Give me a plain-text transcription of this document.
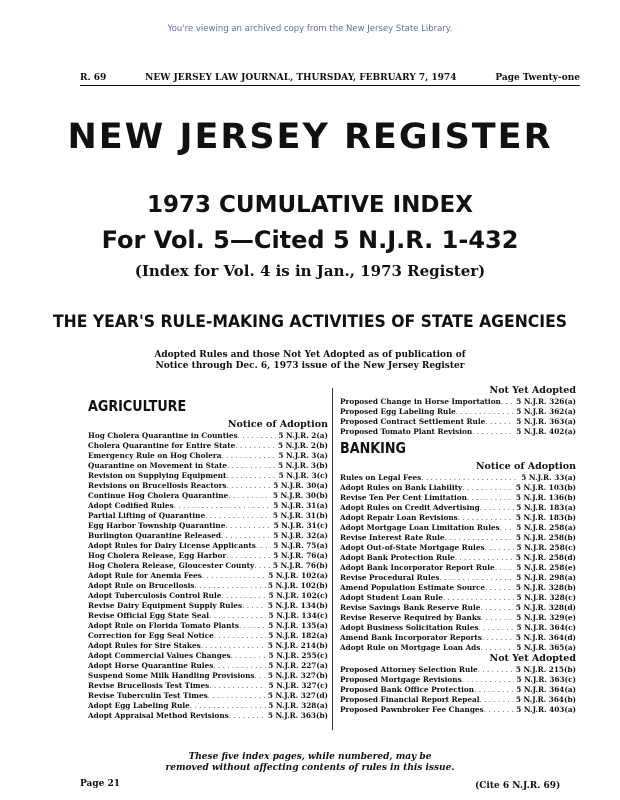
You're viewing an archived copy from the New Jersey State Library.
R. 69	NEW JERSEY LAW JOURNAL, THURSDAY, FEBRUARY 7, 1974	Page Twenty-one
NEW JERSEY REGISTER
1973 CUMULATIVE INDEX
For Vol. 5—Cited 5 N.J.R. 1-432
(Index for Vol. 4 is in Jan., 1973 Register)
THE YEAR'S RULE-MAKING ACTIVITIES OF STATE AGENCIES
Adopted Rules and those Not Yet Adopted as of publication of
Notice through Dec. 6, 1973 issue of the New Jersey Register
AGRICULTURE
Notice of Adoption
Hog Cholera Quarantine in Counties . . .	5 N.J.R. 2(a)
Cholera Quarantine for Entire State . . .	5 N.J.R. 2(b)
Emergency Rule on Hog Cholera . . .	5 N.J.R. 3(a)
Quarantine on Movement in State . . .	5 N.J.R. 3(b)
Revision on Supplying Equipment . . .	5 N.J.R. 3(c)
Revisions on Brucellosis Reactors . . .	5 N.J.R. 30(a)
Continue Hog Cholera Quarantine . . .	5 N.J.R. 30(b)
Adopt Codified Rules . . .	5 N.J.R. 31(a)
Partial Lifting of Quarantine . . .	5 N.J.R. 31(b)
Egg Harbor Township Quarantine . . .	5 N.J.R. 31(c)
Burlington Quarantine Released . . .	5 N.J.R. 32(a)
Adopt Rules for Dairy License Applicants . . . 5 N.J.R. 75(a)
Hog Cholera Release, Egg Harbor . . .	5 N.J.R. 76(a)
Hog Cholera Release, Gloucester County . . .	5 N.J.R. 76(b)
Adopt Rule for Anemia Fees . . .	5 N.J.R. 102(a)
Adopt Rule on Brucellosis . . .	5 N.J.R. 102(b)
Adopt Tuberculosis Control Rule . . .	5 N.J.R. 102(c)
Revise Dairy Equipment Supply Rules . . .	5 N.J.R. 134(b)
Revise Official Egg State Seal . . .	5 N.J.R. 134(c)
Adopt Rule on Florida Tomato Plants . . .	5 N.J.R. 135(a)
Correction for Egg Seal Notice . . .	5 N.J.R. 182(a)
Adopt Rules for Sire Stakes . . .	5 N.J.R. 214(b)
Adopt Commercial Values Changes . . .	5 N.J.R. 255(c)
Adopt Horse Quarantine Rules . . .	5 N.J.R. 227(a)
Suspend Some Milk Handling Provisions . . . 5 N.J.R. 327(b)
Revise Brucellosis Test Times . . .	5 N.J.R. 327(c)
Revise Tuberculin Test Times . . .	5 N.J.R. 327(d)
Adopt Egg Labeling Rule . . .	5 N.J.R. 328(a)
Adopt Appraisal Method Revisions . . .	5 N.J.R. 363(b)
Not Yet Adopted
Proposed Change in Horse Importation . . . 5 N.J.R. 326(a)
Proposed Egg Labeling Rule . . .	5 N.J.R. 362(a)
Proposed Contract Settlement Rule . . .	5 N.J.R. 363(a)
Proposed Tomato Plant Revision . . .	5 N.J.R. 402(a)
BANKING
Notice of Adoption
Rules on Legal Fees . . .	5 N.J.R. 33(a)
Adopt Rules on Bank Liability . . .	5 N.J.R. 103(b)
Revise Ten Per Cent Limitation . . .	5 N.J.R. 136(b)
Adopt Rules on Credit Advertising . . .	5 N.J.R. 183(a)
Adopt Repair Loan Revisions . . .	5 N.J.R. 183(b)
Adopt Mortgage Loan Limitation Rules . . . 5 N.J.R. 258(a)
Revise Interest Rate Rule . . .	5 N.J.R. 258(b)
Adopt Out-of-State Mortgage Rules . . .	5 N.J.R. 258(c)
Adopt Bank Protection Rule . . .	5 N.J.R. 258(d)
Adopt Bank Incorporator Report Rule . . .	5 N.J.R. 258(e)
Revise Procedural Rules . . .	5 N.J.R. 298(a)
Amend Population Estimate Source . . .	5 N.J.R. 328(b)
Adopt Student Loan Rule . . .	5 N.J.R. 328(c)
Revise Savings Bank Reserve Rule . . .	5 N.J.R. 328(d)
Revise Reserve Required by Banks . . .	5 N.J.R. 329(e)
Adopt Business Solicitation Rules . . .	5 N.J.R. 364(c)
Amend Bank Incorporator Reports . . .	5 N.J.R. 364(d)
Adopt Rule on Mortgage Loan Ads . . .	5 N.J.R. 365(a)
Not Yet Adopted
Proposed Attorney Selection Rule . . .	5 N.J.R. 215(b)
Proposed Mortgage Revisions . . .	5 N.J.R. 363(c)
Proposed Bank Office Protection . . .	5 N.J.R. 364(a)
Proposed Financial Report Repeal . . .	5 N.J.R. 364(b)
Proposed Pawnbroker Fee Changes . . .	5 N.J.R. 403(a)
These five index pages, while numbered, may be
removed without affecting contents of rules in this issue.
Page 21	(Cite 6 N.J.R. 69)
